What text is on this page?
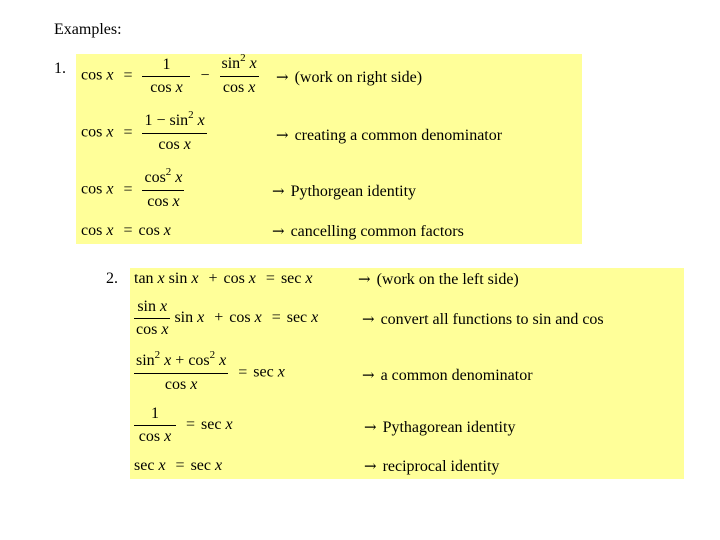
Examples:
1. $\cos x = \frac{1}{\text{cos x}} - \frac{\sin^2 x}{\text{cos x}}$ → (work on right side)
$\cos x = \frac{1 - \sin^2 x}{\text{cos x}}$	→ creating a common denominator
$\cos x = \frac{\cos^2 x}{\text{cos x}}$	→ Pythorgean identity
cos x = cos x	→ cancelling common factors
2. tan x sin x + cos x = sec x	→ (work on the left side)
$\frac{\text{sin x}}{\text{cos x}}$ sin x + cos x = sec x	→ convert all functions to sin and cos
$\frac{\sin^2 x + \cos^2 x}{\text{cos x}} = \sec x$	→ a common denominator
$\frac{1}{\text{cos x}} = \sec x$	→ Pythagorean identity
sec x = sec x	→ reciprocal identity
